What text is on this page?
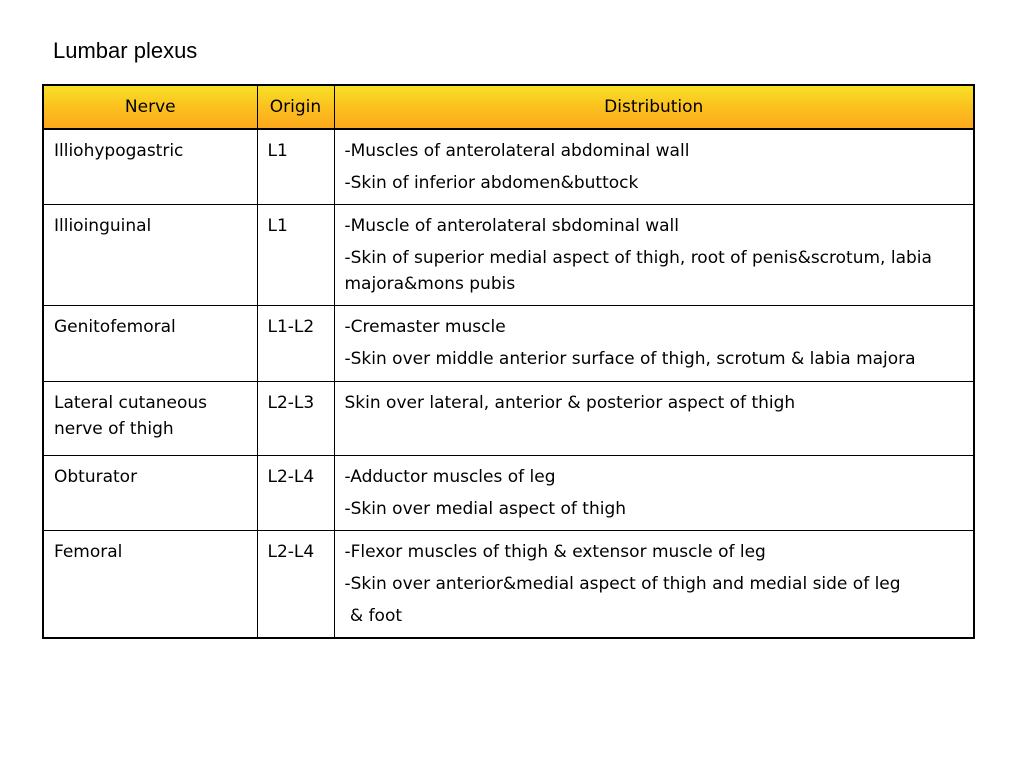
Lumbar plexus
Nerve	Origin	Distribution
Illiohypogastric	L1	-Muscles of anterolateral abdominal wall
-Skin of inferior abdomen&buttock

Illioinguinal	L1	-Muscle of anterolateral sbdominal wall
-Skin of superior medial aspect of thigh, root of penis&scrotum, labia majora&mons pubis

Genitofemoral	L1-L2	-Cremaster muscle
-Skin over middle anterior surface of thigh, scrotum & labia majora

Lateral cutaneous nerve of thigh	L2-L3	Skin over lateral, anterior & posterior aspect of thigh

Obturator	L2-L4	-Adductor muscles of leg
-Skin over medial aspect of thigh

Femoral	L2-L4	-Flexor muscles of thigh & extensor muscle of leg
-Skin over anterior&medial aspect of thigh and medial side of leg
& foot
